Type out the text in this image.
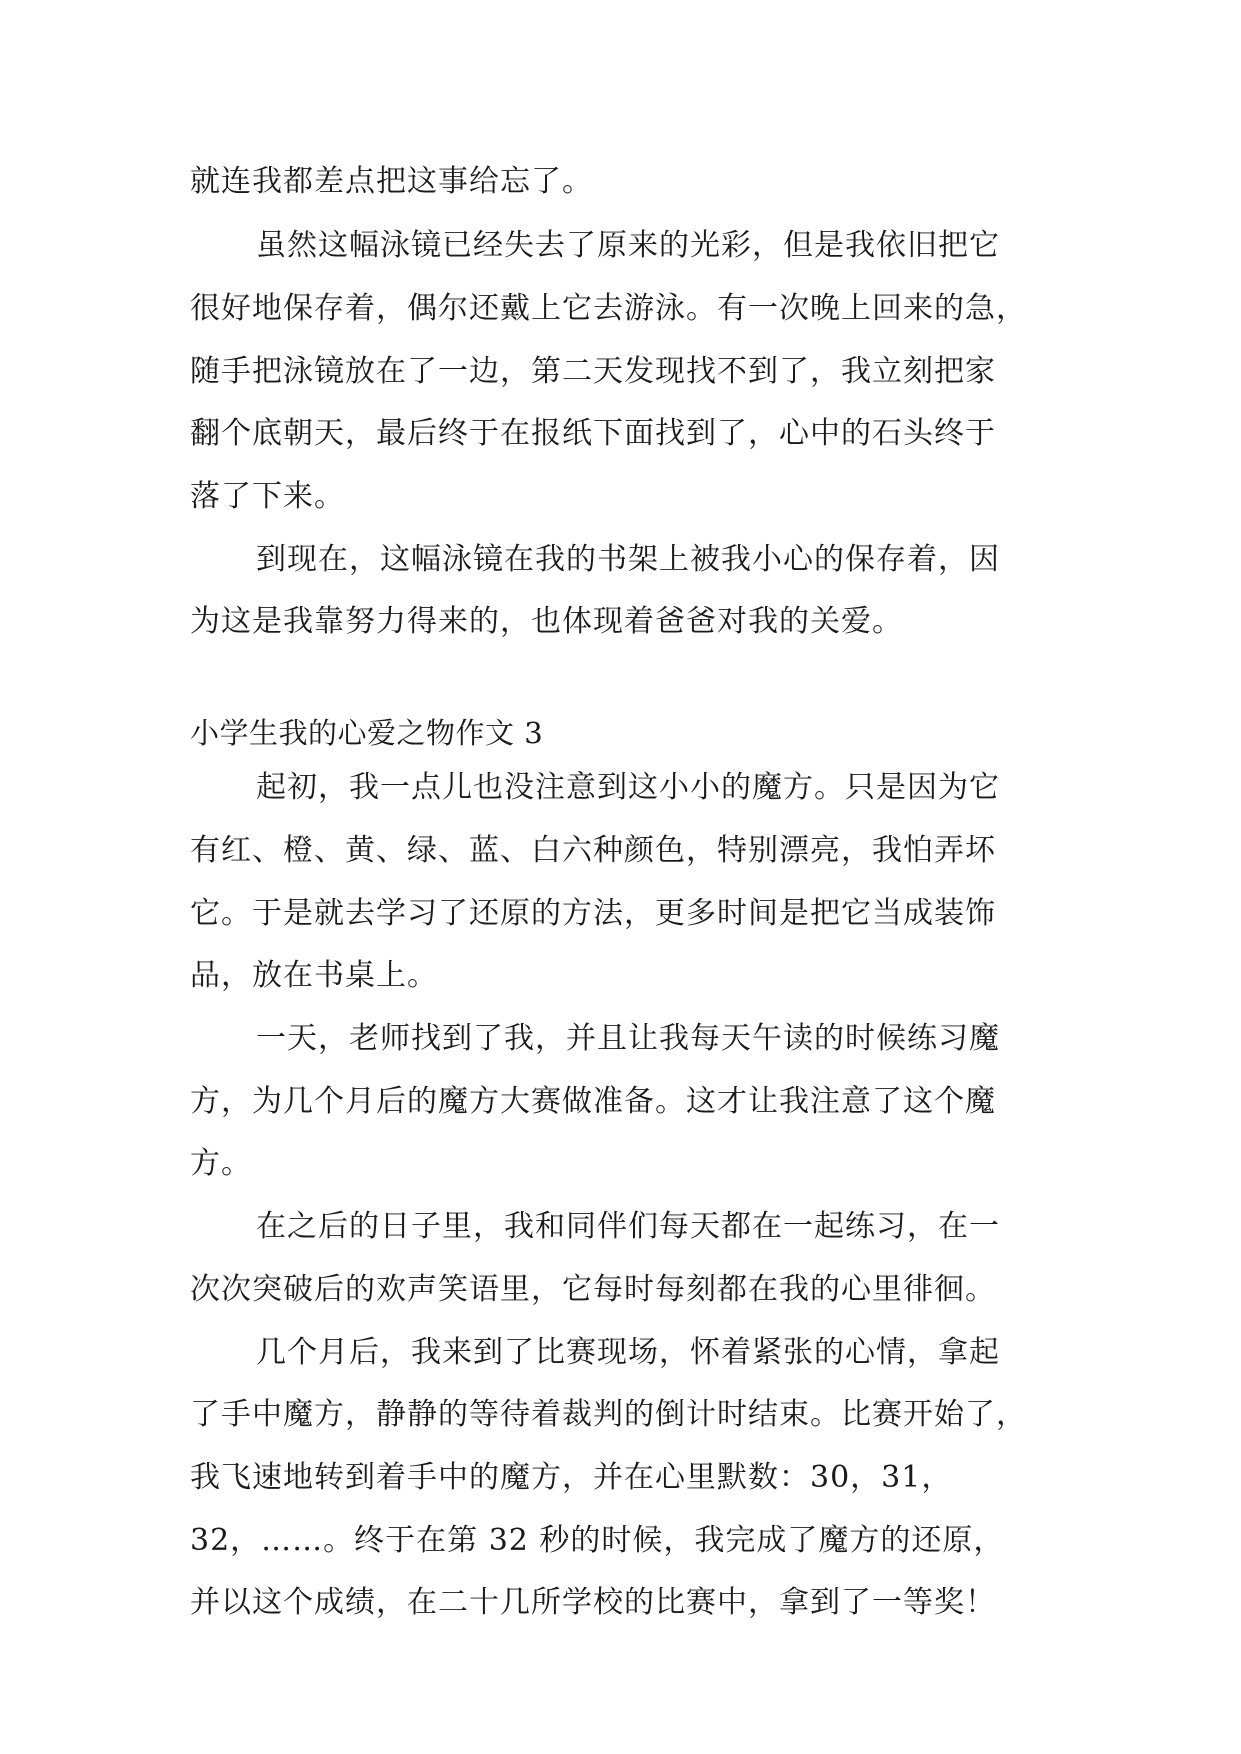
就连我都差点把这事给忘了。
虽然这幅泳镜已经失去了原来的光彩，但是我依旧把它
很好地保存着，偶尔还戴上它去游泳。有一次晚上回来的急，
随手把泳镜放在了一边，第二天发现找不到了，我立刻把家
翻个底朝天，最后终于在报纸下面找到了，心中的石头终于
落了下来。
到现在，这幅泳镜在我的书架上被我小心的保存着，因
为这是我靠努力得来的，也体现着爸爸对我的关爱。
小学生我的心爱之物作文 3
起初，我一点儿也没注意到这小小的魔方。只是因为它
有红、橙、黄、绿、蓝、白六种颜色，特别漂亮，我怕弄坏
它。于是就去学习了还原的方法，更多时间是把它当成装饰
品，放在书桌上。
一天，老师找到了我，并且让我每天午读的时候练习魔
方，为几个月后的魔方大赛做准备。这才让我注意了这个魔
方。
在之后的日子里，我和同伴们每天都在一起练习，在一
次次突破后的欢声笑语里，它每时每刻都在我的心里徘徊。
几个月后，我来到了比赛现场，怀着紧张的心情，拿起
了手中魔方，静静的等待着裁判的倒计时结束。比赛开始了，
我飞速地转到着手中的魔方，并在心里默数：30，31，
32，……。终于在第 32 秒的时候，我完成了魔方的还原，
并以这个成绩，在二十几所学校的比赛中，拿到了一等奖！
